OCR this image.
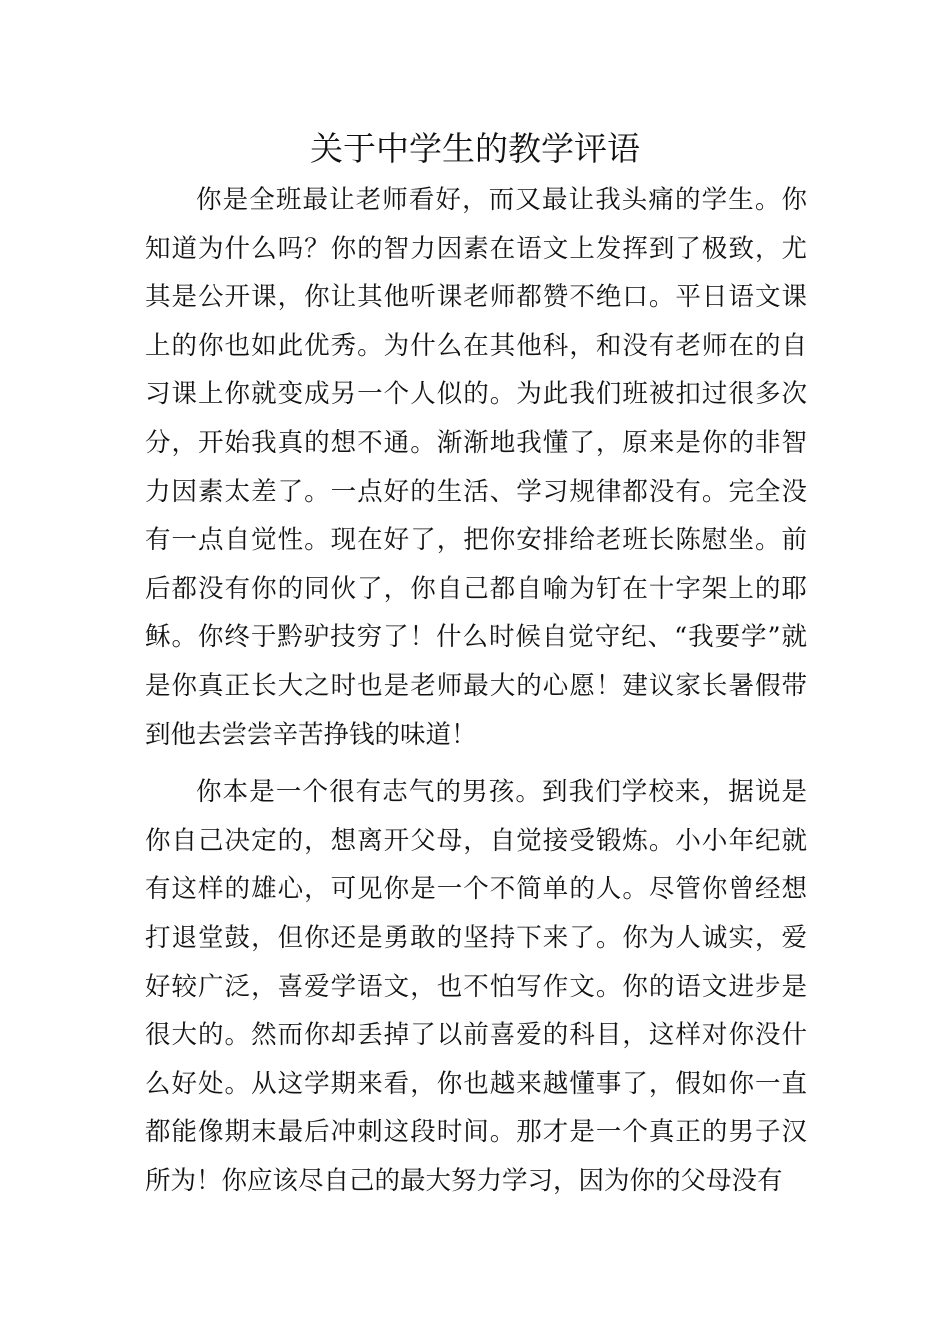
关于中学生的教学评语

你是全班最让老师看好，而又最让我头痛的学生。你知道为什么吗？你的智力因素在语文上发挥到了极致，尤其是公开课，你让其他听课老师都赞不绝口。平日语文课上的你也如此优秀。为什么在其他科，和没有老师在的自习课上你就变成另一个人似的。为此我们班被扣过很多次分，开始我真的想不通。渐渐地我懂了，原来是你的非智力因素太差了。一点好的生活、学习规律都没有。完全没有一点自觉性。现在好了，把你安排给老班长陈慰坐。前后都没有你的同伙了，你自己都自喻为钉在十字架上的耶稣。你终于黔驴技穷了！什么时候自觉守纪、“我要学”就是你真正长大之时也是老师最大的心愿！建议家长暑假带到他去尝尝辛苦挣钱的味道！

你本是一个很有志气的男孩。到我们学校来，据说是你自己决定的，想离开父母，自觉接受锻炼。小小年纪就有这样的雄心，可见你是一个不简单的人。尽管你曾经想打退堂鼓，但你还是勇敢的坚持下来了。你为人诚实，爱好较广泛，喜爱学语文，也不怕写作文。你的语文进步是很大的。然而你却丢掉了以前喜爱的科目，这样对你没什么好处。从这学期来看，你也越来越懂事了，假如你一直都能像期末最后冲刺这段时间。那才是一个真正的男子汉所为！你应该尽自己的最大努力学习，因为你的父母没有
